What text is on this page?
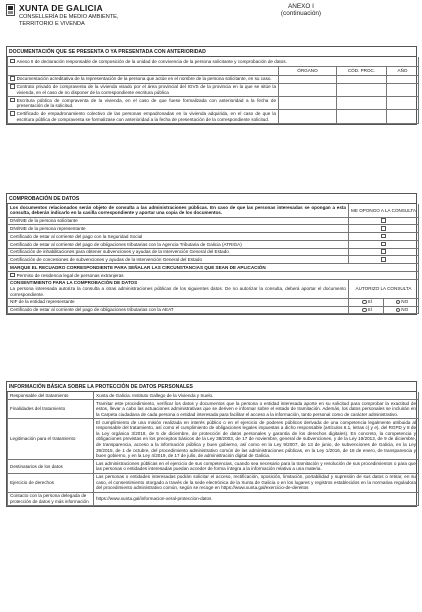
XUNTA DE GALICIA
CONSELLERÍA DE MEDIO AMBIENTE,
TERRITORIO E VIVENDA
ANEXO I
(continuación)
DOCUMENTACIÓN QUE SE PRESENTA O YA PRESENTADA CON ANTERIORIDAD
Anexo II de declaración responsable de composición de la unidad de convivencia de la persona solicitante y comprobación de datos.			
	ÓRGANO	CÓD. PROC.	AÑO

Documentación acreditativa de la representación de la persona que actúe en el nombre de la persona solicitante, en su caso.			

Contrato privado de compraventa de la vivienda visado por el área provincial del IGVS de la provincia en la que se sitúe la vivienda, en el caso de no disponer de la correspondiente escritura pública			

Escritura pública de compraventa de la vivienda, en el caso de que fuese formalizada con anterioridad a la fecha de presentación de la solicitud.			

Certificado de empadronamiento colectivo de las personas empadronadas en la vivienda adquirida, en el caso de que la escritura pública de compraventa se formalizase con anterioridad a la fecha de presentación de la correspondiente solicitud.			

COMPROBACIÓN DE DATOS
Los documentos relacionados serán objeto de consulta a las administraciones públicas. En caso de que las personas interesadas se opongan a esta consulta, deberán indicarlo en la casilla correspondiente y aportar una copia de los documentos.	ME OPONGO A LA CONSULTA	
DNI/NIE de la persona solicitante		
DNI/NIE de la persona representante		
Certificado de estar al corriente del pago con la Seguridad Social		
Certificado de estar al corriente del pago de obligaciones tributarias con la Agencia Tributaria de Galicia (ATRIGA)		
Certificación de inhabilitaciones para obtener subvenciones y ayudas de la Intervención General del Estado		
Certificación de concesiones de subvenciones y ayudas de la Intervención General del Estado		
MARQUE EL RECUADRO CORRESPONDIENTE PARA SEÑALAR LAS CIRCUNSTANCIAS QUE SEAN DE APLICACIÓN		
Permiso de residencia legal de personas extranjeras		

CONSENTIMIENTO PARA LA COMPROBACIÓN DE DATOS
La persona interesada autoriza la consulta a otras administraciones públicas de los siguientes datos. De no autorizar la consulta, deberá aportar el documento correspondiente.	AUTORIZO LA CONSULTA	
NIF de la entidad representante	SÍ	NO
Certificado de estar al corriente del pago de obligaciones tributarias con la AEAT	SÍ	NO
INFORMACIÓN BÁSICA SOBRE LA PROTECCIÓN DE DATOS PERSONALES
Responsable del tratamiento	Xunta de Galicia. Instituto Gallego de la Vivienda y Suelo.
Finalidades del tratamiento	Tramitar este procedimiento, verificar los datos y documentos que la persona o entidad interesada aporte en su solicitud para comprobar la exactitud de estos, llevar a cabo las actuaciones administrativas que se deriven e informar sobre el estado de tramitación. Además, los datos personales se incluirán en la Carpeta ciudadana de cada persona o entidad interesada para facilitar el acceso a la información, tanto personal como de carácter administrativo.
Legitimación para el tratamiento	El cumplimiento de una misión realizada en interés público o en el ejercicio de poderes públicos derivada de una competencia legalmente atribuida al responsable del tratamiento, así como el cumplimiento de obligaciones legales impuestas a dicho responsable (artículos 6.1, letras c) y e), del RGPD y 8 de la Ley orgánica 3/2018, de 5 de diciembre, de protección de datos personales y garantía de los derechos digitales). En concreto, la competencia y obligaciones previstas en los preceptos básicos de la Ley 38/2003, de 17 de noviembre, general de subvenciones, y de la Ley 19/2013, de 9 de diciembre, de transparencia, acceso a la información pública y buen gobierno, así como en la Ley 9/2007, de 13 de junio, de subvenciones de Galicia, en la Ley 39/2015, de 1 de octubre, del procedimiento administrativo común de las administraciones públicas, en la Ley 1/2016, de 18 de enero, de transparencia y buen gobierno, y en la Ley 4/2019, de 17 de julio, de administración digital de Galicia.
Destinatarios de los datos	Las administraciones públicas en el ejercicio de sus competencias, cuando sea necesario para la tramitación y resolución de sus procedimientos o para que las personas o entidades interesadas puedan acceder de forma íntegra a la información relativa a una materia.
Ejercicio de derechos	Las personas o entidades interesadas podrán solicitar el acceso, rectificación, oposición, limitación, portabilidad y supresión de sus datos o retirar, en su caso, el consentimiento otorgado a través de la sede electrónica de la Xunta de Galicia o en los lugares y registros establecidos en la normativa reguladora del procedimiento administrativo común, según se recoge en https://www.xunta.gal/exercicio-de-dereitos
Contacto con la persona delegada de protección de datos y más información	https://www.xunta.gal/informacion-xeral-proteccion-datos
